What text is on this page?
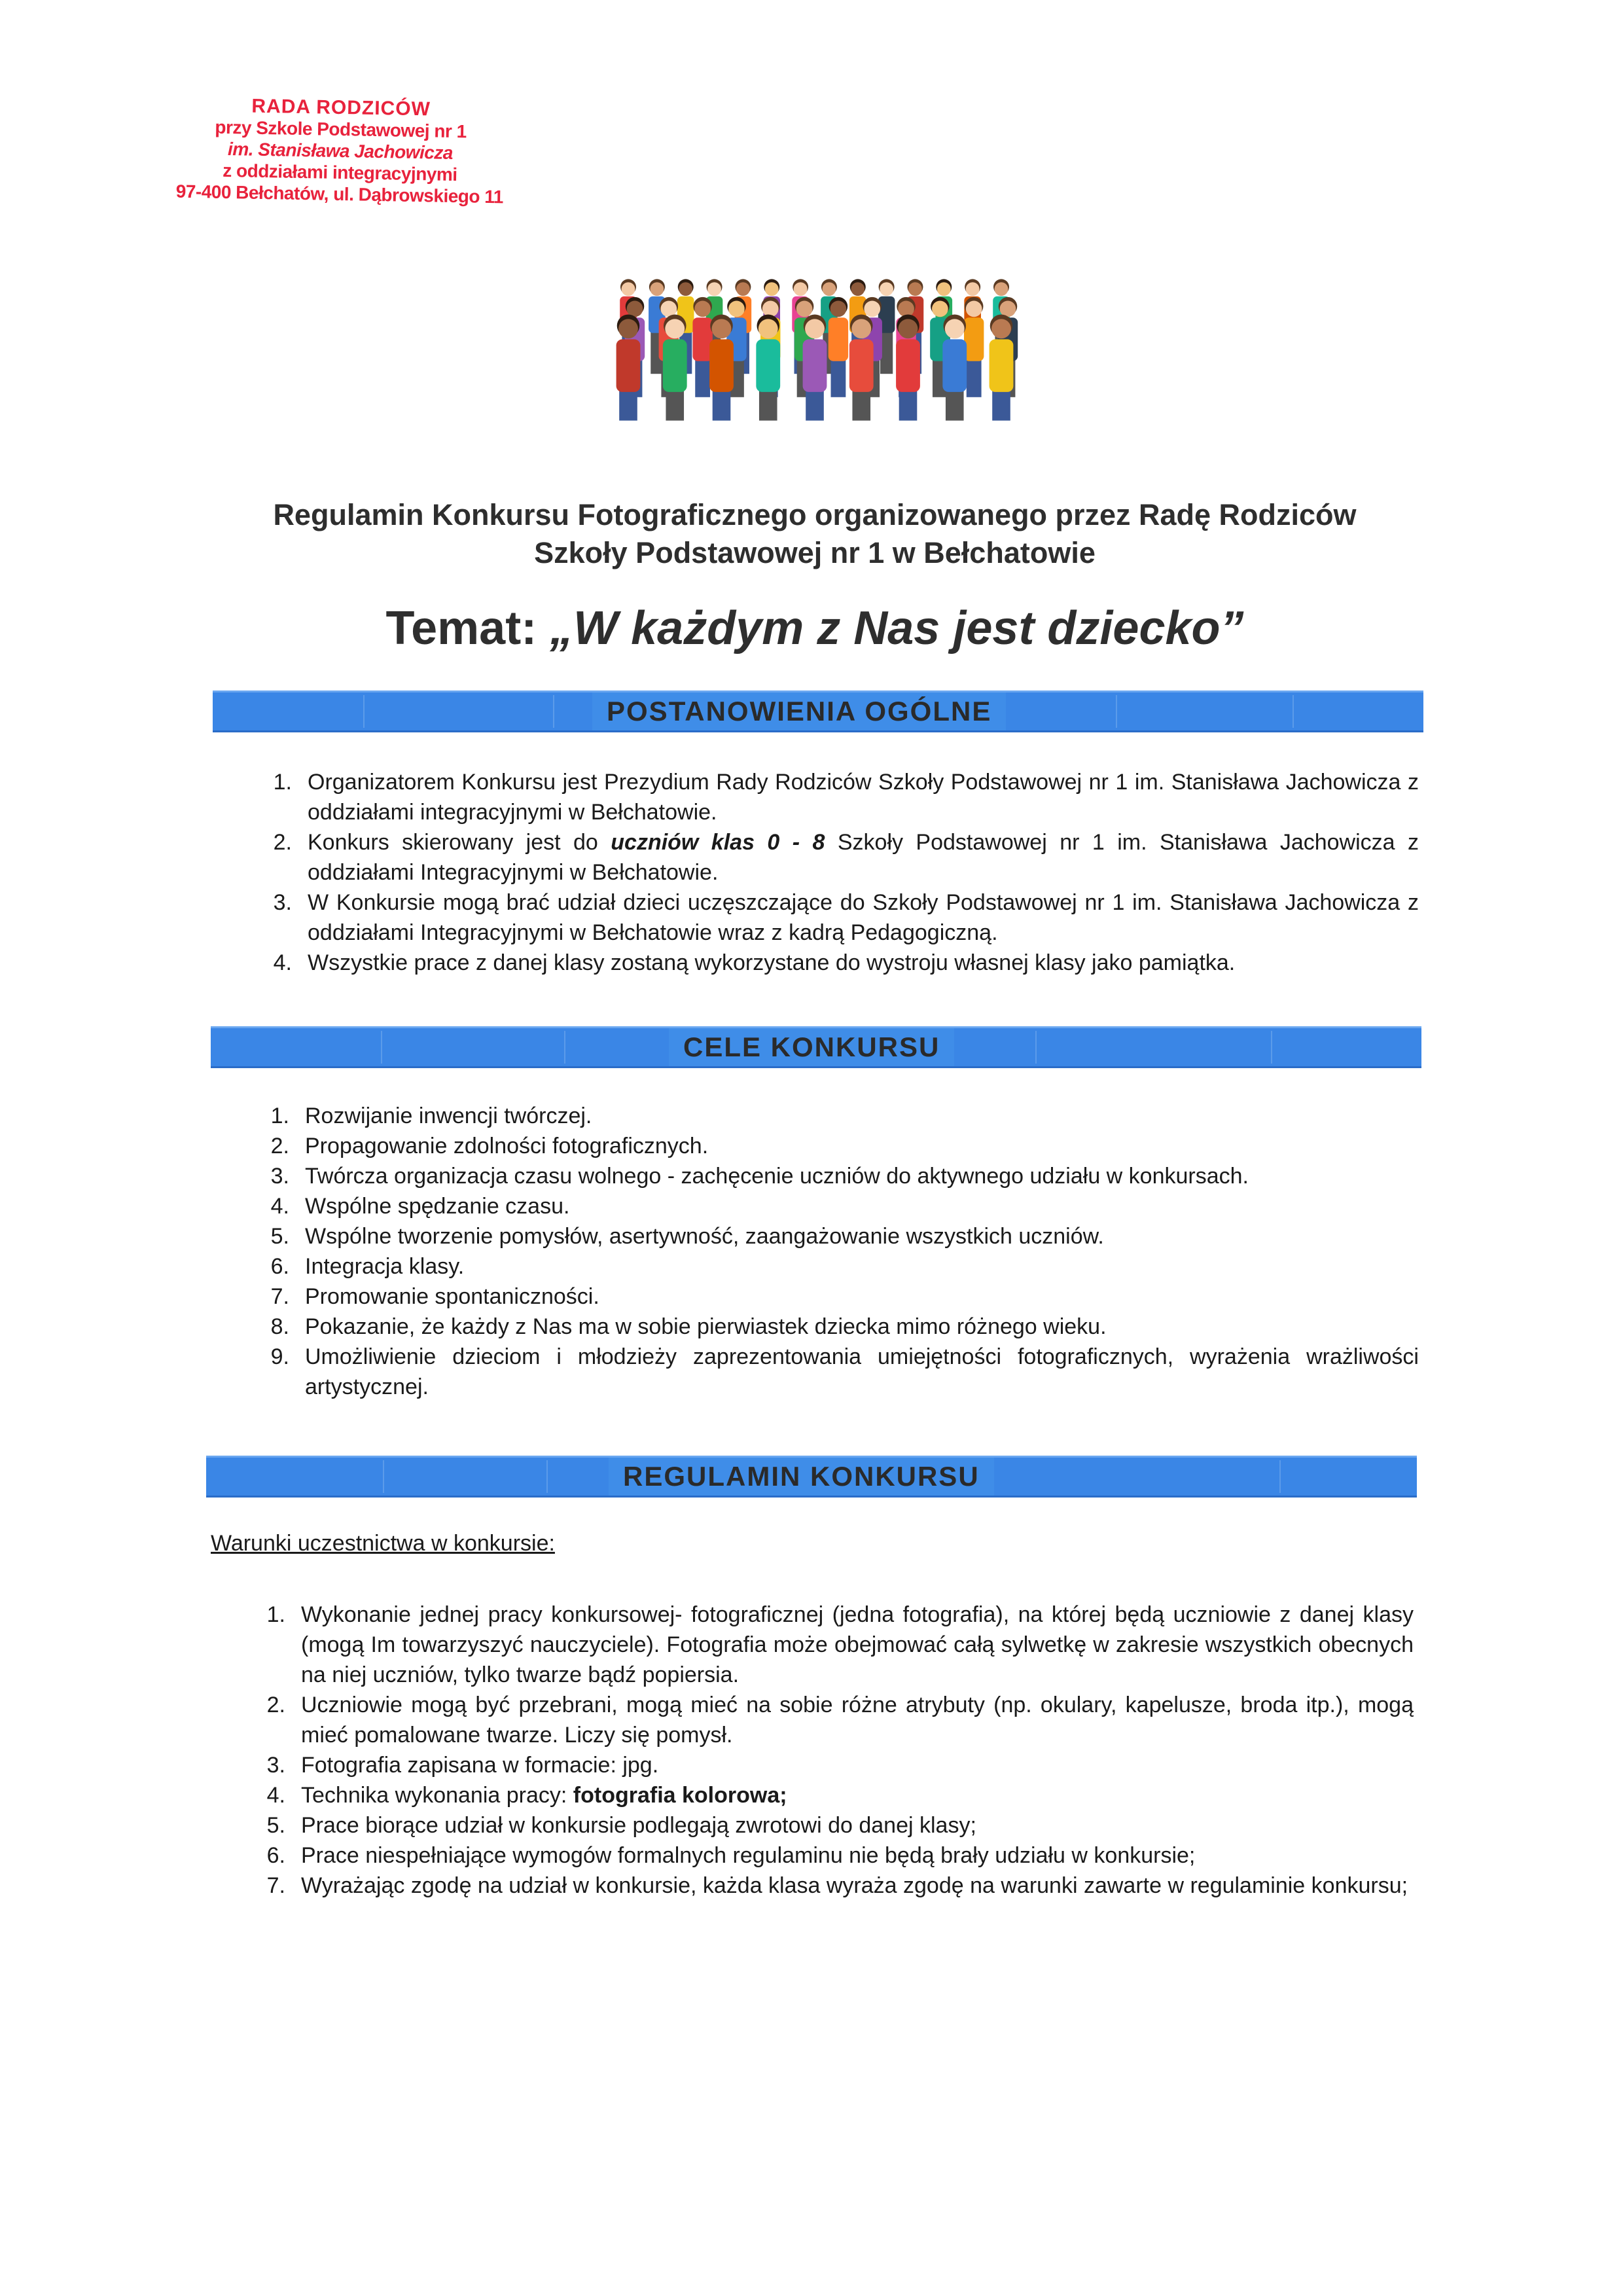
RADA RODZICÓW
przy Szkole Podstawowej nr 1
im. Stanisława Jachowicza
z oddziałami integracyjnymi
97-400 Bełchatów, ul. Dąbrowskiego 11
Regulamin Konkursu Fotograficznego organizowanego przez Radę Rodziców
Szkoły Podstawowej nr 1 w Bełchatowie
Temat: „W każdym z Nas jest dziecko”
POSTANOWIENIA OGÓLNE
1. Organizatorem Konkursu jest Prezydium Rady Rodziców Szkoły Podstawowej nr 1 im. Stanisława Jachowicza z oddziałami integracyjnymi w Bełchatowie.
2. Konkurs skierowany jest do uczniów klas 0 - 8 Szkoły Podstawowej nr 1 im. Stanisława Jachowicza z oddziałami Integracyjnymi w Bełchatowie.
3. W Konkursie mogą brać udział dzieci uczęszczające do Szkoły Podstawowej nr 1 im. Stanisława Jachowicza z oddziałami Integracyjnymi w Bełchatowie wraz z kadrą Pedagogiczną.
4. Wszystkie prace z danej klasy zostaną wykorzystane do wystroju własnej klasy jako pamiątka.
CELE KONKURSU
1. Rozwijanie inwencji twórczej.
2. Propagowanie zdolności fotograficznych.
3. Twórcza organizacja czasu wolnego - zachęcenie uczniów do aktywnego udziału w konkursach.
4. Wspólne spędzanie czasu.
5. Wspólne tworzenie pomysłów, asertywność, zaangażowanie wszystkich uczniów.
6. Integracja klasy.
7. Promowanie spontaniczności.
8. Pokazanie, że każdy z Nas ma w sobie pierwiastek dziecka mimo różnego wieku.
9. Umożliwienie dzieciom i młodzieży zaprezentowania umiejętności fotograficznych, wyrażenia wrażliwości artystycznej.
REGULAMIN KONKURSU
Warunki uczestnictwa w konkursie:
1. Wykonanie jednej pracy konkursowej- fotograficznej (jedna fotografia), na której będą uczniowie z danej klasy (mogą Im towarzyszyć nauczyciele). Fotografia może obejmować całą sylwetkę w zakresie wszystkich obecnych na niej uczniów, tylko twarze bądź popiersia.
2. Uczniowie mogą być przebrani, mogą mieć na sobie różne atrybuty (np. okulary, kapelusze, broda itp.), mogą mieć pomalowane twarze. Liczy się pomysł.
3. Fotografia zapisana w formacie: jpg.
4. Technika wykonania pracy: fotografia kolorowa;
5. Prace biorące udział w konkursie podlegają zwrotowi do danej klasy;
6. Prace niespełniające wymogów formalnych regulaminu nie będą brały udziału w konkursie;
7. Wyrażając zgodę na udział w konkursie, każda klasa wyraża zgodę na warunki zawarte w regulaminie konkursu;
